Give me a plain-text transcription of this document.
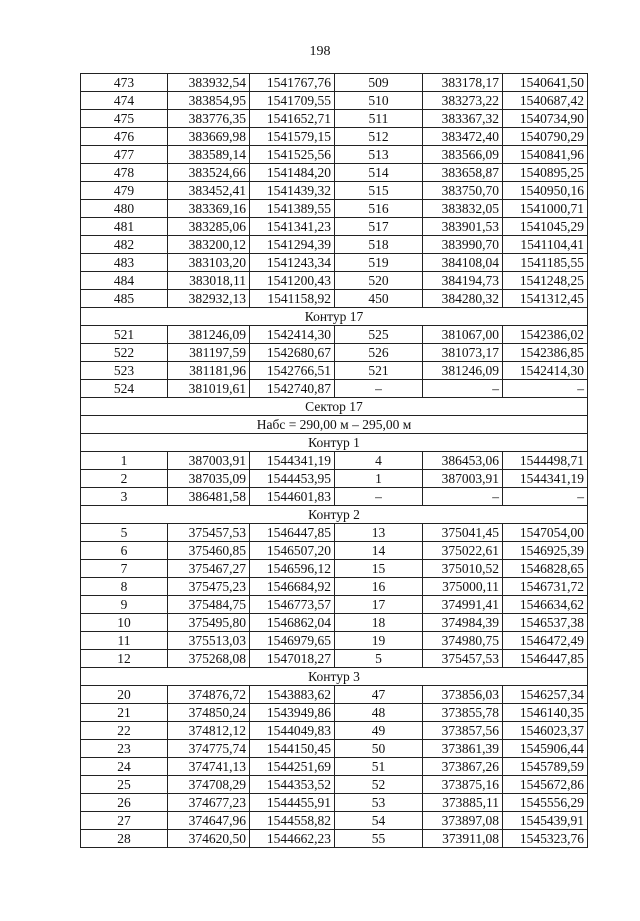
198
473	383932,54	1541767,76	509	383178,17	1540641,50
474	383854,95	1541709,55	510	383273,22	1540687,42
475	383776,35	1541652,71	511	383367,32	1540734,90
476	383669,98	1541579,15	512	383472,40	1540790,29
477	383589,14	1541525,56	513	383566,09	1540841,96
478	383524,66	1541484,20	514	383658,87	1540895,25
479	383452,41	1541439,32	515	383750,70	1540950,16
480	383369,16	1541389,55	516	383832,05	1541000,71
481	383285,06	1541341,23	517	383901,53	1541045,29
482	383200,12	1541294,39	518	383990,70	1541104,41
483	383103,20	1541243,34	519	384108,04	1541185,55
484	383018,11	1541200,43	520	384194,73	1541248,25
485	382932,13	1541158,92	450	384280,32	1541312,45
Контур 17					
521	381246,09	1542414,30	525	381067,00	1542386,02
522	381197,59	1542680,67	526	381073,17	1542386,85
523	381181,96	1542766,51	521	381246,09	1542414,30
524	381019,61	1542740,87	–	–	–
Сектор 17					
Набс = 290,00 м – 295,00 м					
Контур 1					
1	387003,91	1544341,19	4	386453,06	1544498,71
2	387035,09	1544453,95	1	387003,91	1544341,19
3	386481,58	1544601,83	–	–	–
Контур 2					
5	375457,53	1546447,85	13	375041,45	1547054,00
6	375460,85	1546507,20	14	375022,61	1546925,39
7	375467,27	1546596,12	15	375010,52	1546828,65
8	375475,23	1546684,92	16	375000,11	1546731,72
9	375484,75	1546773,57	17	374991,41	1546634,62
10	375495,80	1546862,04	18	374984,39	1546537,38
11	375513,03	1546979,65	19	374980,75	1546472,49
12	375268,08	1547018,27	5	375457,53	1546447,85
Контур 3					
20	374876,72	1543883,62	47	373856,03	1546257,34
21	374850,24	1543949,86	48	373855,78	1546140,35
22	374812,12	1544049,83	49	373857,56	1546023,37
23	374775,74	1544150,45	50	373861,39	1545906,44
24	374741,13	1544251,69	51	373867,26	1545789,59
25	374708,29	1544353,52	52	373875,16	1545672,86
26	374677,23	1544455,91	53	373885,11	1545556,29
27	374647,96	1544558,82	54	373897,08	1545439,91
28	374620,50	1544662,23	55	373911,08	1545323,76
